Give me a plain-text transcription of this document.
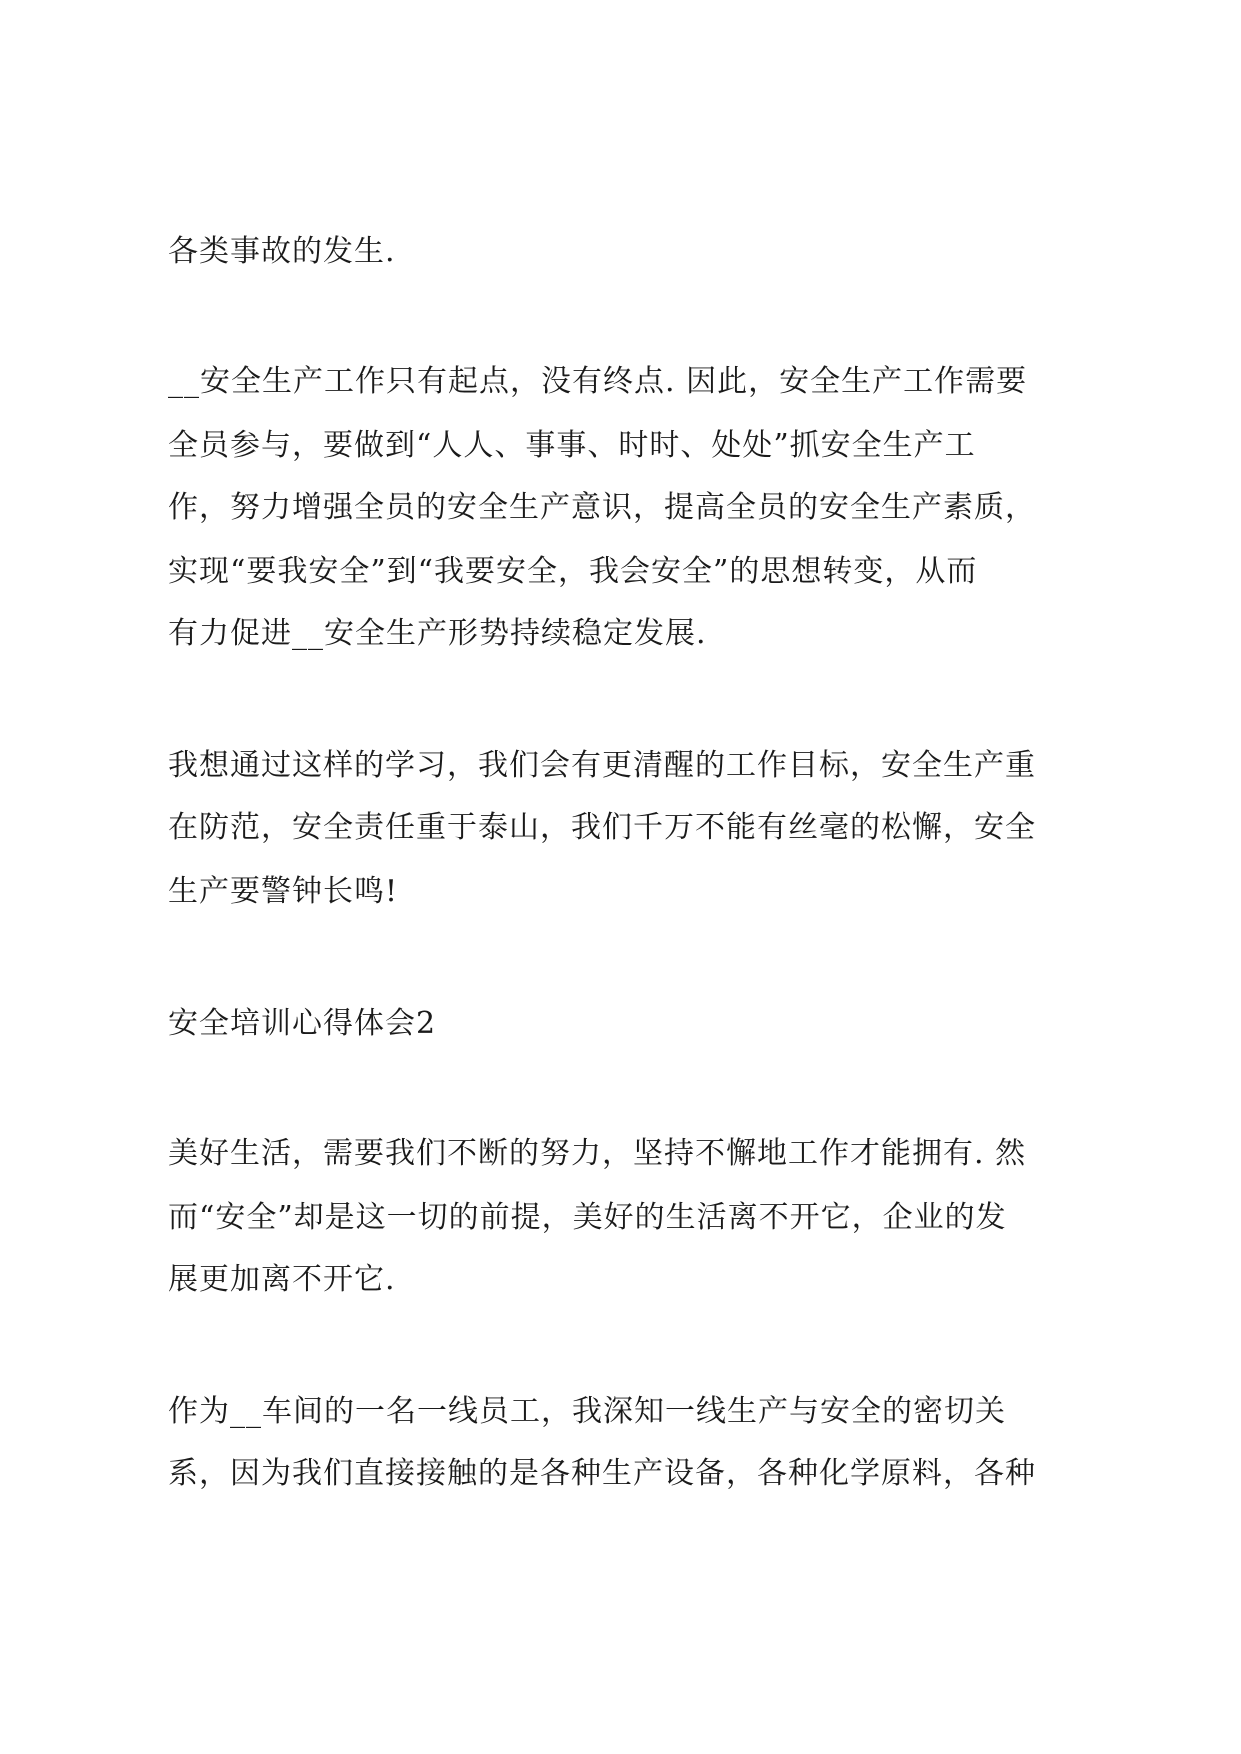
各类事故的发生.
__安全生产工作只有起点，没有终点. 因此，安全生产工作需要
全员参与，要做到“人人、事事、时时、处处”抓安全生产工
作，努力增强全员的安全生产意识，提高全员的安全生产素质，
实现“要我安全”到“我要安全，我会安全”的思想转变，从而
有力促进__安全生产形势持续稳定发展.
我想通过这样的学习，我们会有更清醒的工作目标，安全生产重
在防范，安全责任重于泰山，我们千万不能有丝毫的松懈，安全
生产要警钟长鸣!
安全培训心得体会2
美好生活，需要我们不断的努力，坚持不懈地工作才能拥有. 然
而“安全”却是这一切的前提，美好的生活离不开它，企业的发
展更加离不开它.
作为__车间的一名一线员工，我深知一线生产与安全的密切关
系，因为我们直接接触的是各种生产设备，各种化学原料，各种
